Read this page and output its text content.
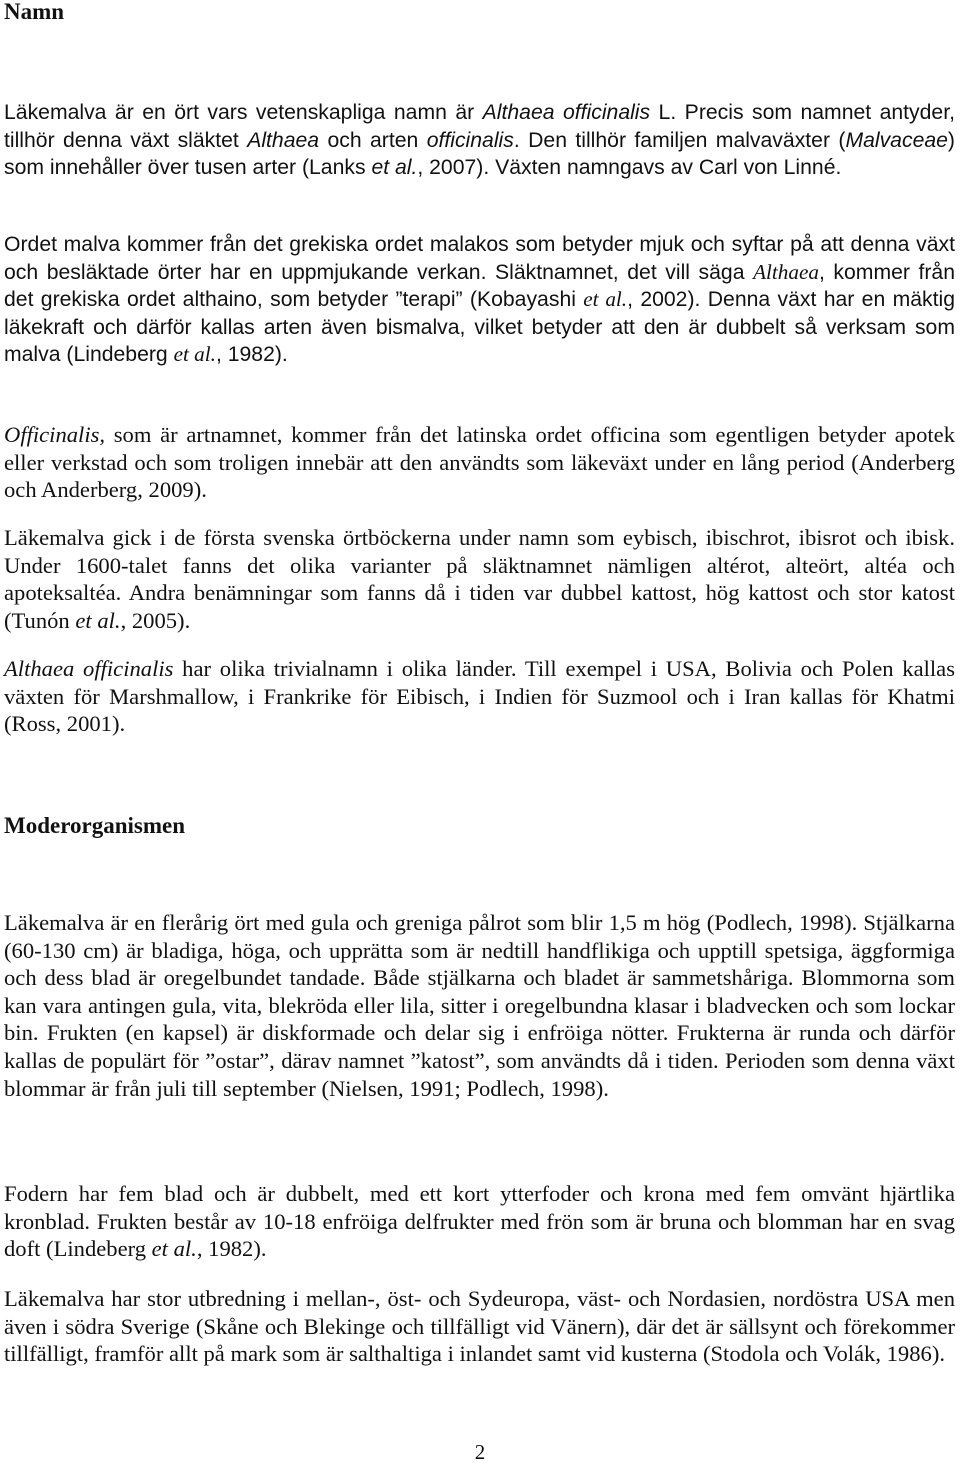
Namn

Läkemalva är en ört vars vetenskapliga namn är Althaea officinalis L. Precis som namnet antyder, tillhör denna växt släktet Althaea och arten officinalis. Den tillhör familjen malvaväxter (Malvaceae) som innehåller över tusen arter (Lanks et al., 2007). Växten namngavs av Carl von Linné.

Ordet malva kommer från det grekiska ordet malakos som betyder mjuk och syftar på att denna växt och besläktade örter har en uppmjukande verkan. Släktnamnet, det vill säga Althaea, kommer från det grekiska ordet althaino, som betyder ”terapi” (Kobayashi et al., 2002). Denna växt har en mäktig läkekraft och därför kallas arten även bismalva, vilket betyder att den är dubbelt så verksam som malva (Lindeberg et al., 1982).

Officinalis, som är artnamnet, kommer från det latinska ordet officina som egentligen betyder apotek eller verkstad och som troligen innebär att den användts som läkeväxt under en lång period (Anderberg och Anderberg, 2009).

Läkemalva gick i de första svenska örtböckerna under namn som eybisch, ibischrot, ibisrot och ibisk. Under 1600-talet fanns det olika varianter på släktnamnet nämligen altérot, alteört, altéa och apoteksaltéa. Andra benämningar som fanns då i tiden var dubbel kattost, hög kattost och stor katost (Tunón et al., 2005).

Althaea officinalis har olika trivialnamn i olika länder. Till exempel i USA, Bolivia och Polen kallas växten för Marshmallow, i Frankrike för Eibisch, i Indien för Suzmool och i Iran kallas för Khatmi (Ross, 2001).

Moderorganismen

Läkemalva är en flerårig ört med gula och greniga pålrot som blir 1,5 m hög (Podlech, 1998). Stjälkarna (60-130 cm) är bladiga, höga, och upprätta som är nedtill handflikiga och upptill spetsiga, äggformiga och dess blad är oregelbundet tandade. Både stjälkarna och bladet är sammetshåriga. Blommorna som kan vara antingen gula, vita, blekröda eller lila, sitter i oregelbundna klasar i bladvecken och som lockar bin. Frukten (en kapsel) är diskformade och delar sig i enfröiga nötter. Frukterna är runda och därför kallas de populärt för ”ostar”, därav namnet ”katost”, som användts då i tiden. Perioden som denna växt blommar är från juli till september (Nielsen, 1991; Podlech, 1998).

Fodern har fem blad och är dubbelt, med ett kort ytterfoder och krona med fem omvänt hjärtlika kronblad. Frukten består av 10-18 enfröiga delfrukter med frön som är bruna och blomman har en svag doft (Lindeberg et al., 1982).

Läkemalva har stor utbredning i mellan-, öst- och Sydeuropa, väst- och Nordasien, nordöstra USA men även i södra Sverige (Skåne och Blekinge och tillfälligt vid Vänern), där det är sällsynt och förekommer tillfälligt, framför allt på mark som är salthaltiga i inlandet samt vid kusterna (Stodola och Volák, 1986).

2
